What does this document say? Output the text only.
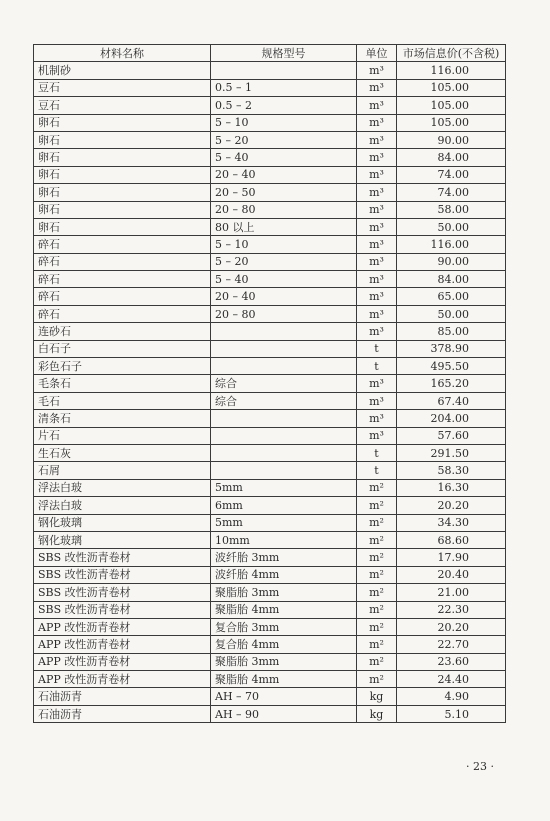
材料名称	规格型号	单位	市场信息价(不含税)
机制砂		m³	116.00
豆石	0.5 – 1	m³	105.00
豆石	0.5 – 2	m³	105.00
卵石	5 – 10	m³	105.00
卵石	5 – 20	m³	90.00
卵石	5 – 40	m³	84.00
卵石	20 – 40	m³	74.00
卵石	20 – 50	m³	74.00
卵石	20 – 80	m³	58.00
卵石	80 以上	m³	50.00
碎石	5 – 10	m³	116.00
碎石	5 – 20	m³	90.00
碎石	5 – 40	m³	84.00
碎石	20 – 40	m³	65.00
碎石	20 – 80	m³	50.00
连砂石		m³	85.00
白石子		t	378.90
彩色石子		t	495.50
毛条石	综合	m³	165.20
毛石	综合	m³	67.40
清条石		m³	204.00
片石		m³	57.60
生石灰		t	291.50
石屑		t	58.30
浮法白玻	5mm	m²	16.30
浮法白玻	6mm	m²	20.20
钢化玻璃	5mm	m²	34.30
钢化玻璃	10mm	m²	68.60
SBS 改性沥青卷材	波纤胎 3mm	m²	17.90
SBS 改性沥青卷材	波纤胎 4mm	m²	20.40
SBS 改性沥青卷材	聚脂胎 3mm	m²	21.00
SBS 改性沥青卷材	聚脂胎 4mm	m²	22.30
APP 改性沥青卷材	复合胎 3mm	m²	20.20
APP 改性沥青卷材	复合胎 4mm	m²	22.70
APP 改性沥青卷材	聚脂胎 3mm	m²	23.60
APP 改性沥青卷材	聚脂胎 4mm	m²	24.40
石油沥青	AH – 70	kg	4.90
石油沥青	AH – 90	kg	5.10
· 23 ·
